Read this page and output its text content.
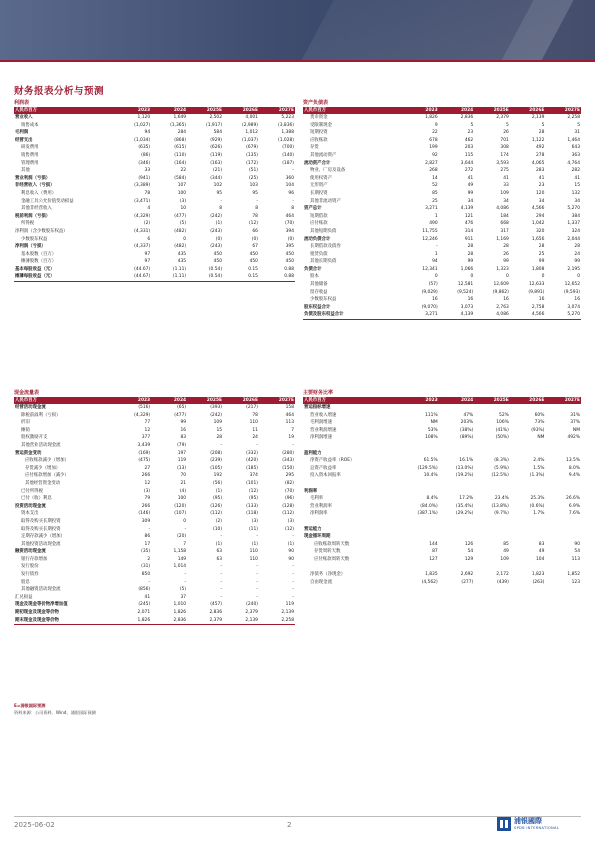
财务报表分析与预测
利润表
人民币百万	2023	2024	2025E	2026E	2027E
营业收入	1,120	1,649	2,502	4,001	5,223
销售成本	(1,027)	(1,365)	(1,917)	(2,989)	(3,836)
毛利润	94	284	584	1,012	1,388
经营支出	(1,034)	(868)	(929)	(1,037)	(1,028)
研发费用	(635)	(615)	(626)	(679)	(700)
销售费用	(86)	(110)	(119)	(135)	(140)
管理费用	(346)	(164)	(163)	(172)	(187)
其他	33	22	(21)	(51)	-
营业利润（亏损）	(941)	(584)	(344)	(25)	360
非经营收入（亏损）	(3,389)	107	102	103	104
利息收入（费用）	78	100	95	95	96
金融工具公允价值变动损益	(3,471)	(3)	-	-	-
其他非经营收入	4	10	8	8	8
税前利润（亏损）	(4,329)	(477)	(242)	78	464
所得税	(2)	(5)	(1)	(12)	(70)
净利润（含少数股东权益）	(4,331)	(482)	(243)	66	394
少数股东权益	6	0	(0)	(0)	(0)
净利润（亏损）	(4,337)	(482)	(243)	67	395
基本股数（百万）	97	435	450	450	450
摊薄股数（百万）	97	435	450	450	450
基本每股收益（元）	(44.67)	(1.11)	(0.54)	0.15	0.88
摊薄每股收益（元）	(44.67)	(1.11)	(0.54)	0.15	0.88
资产负债表
人民币百万	2023	2024	2025E	2026E	2027E
货币资金	1,826	2,836	2,379	2,139	2,258
受限制现金	9	5	5	5	5
短期投资	22	23	26	28	31
应收账款	678	462	701	1,122	1,464
存货	199	203	308	492	643
其他流动资产	92	115	174	278	363
流动资产合计	2,827	3,644	3,593	4,065	4,764
物业、厂房及设备	268	272	275	283	282
使用权资产	14	41	41	41	41
无形资产	52	49	33	23	15
长期投资	85	99	109	120	132
其他非流动资产	25	34	34	34	34
资产总计	3,271	4,139	4,086	4,566	5,270
短期借款	1	121	184	294	384
应付账款	490	476	668	1,042	1,337
其他短期负债	11,755	314	317	320	324
流动负债合计	12,246	911	1,169	1,656	2,044
长期借款及债券	-	28	28	28	28
租赁负债	1	28	26	25	24
其他长期负债	94	99	99	99	99
负债合计	12,341	1,066	1,323	1,808	2,195
股本	0	0	0	0	0
其他储备	(57)	12,581	12,609	12,633	12,652
留存收益	(9,029)	(9,524)	(9,862)	(9,891)	(9,593)
少数股东权益	16	16	16	16	16
股东权益合计	(9,070)	3,073	2,763	2,758	3,074
负债及股东权益合计	3,271	4,139	4,086	4,566	5,270
现金流量表
人民币百万	2023	2024	2025E	2026E	2027E
经营活动现金流	(516)	(65)	(393)	(217)	158
除税前溢利（亏损）	(4,329)	(477)	(242)	78	464
折旧	77	99	109	110	113
摊销	12	16	15	11	7
股权激励开支	377	83	28	24	19
其他营业活动现金流	3,439	(79)	-	-	-
营运资金变动	(169)	197	(208)	(332)	(280)
应收账款减少（增加）	(475)	119	(239)	(420)	(343)
存货减少（增加）	27	(13)	(105)	(185)	(150)
应付账款增加（减少）	266	70	192	374	295
其他经营资金变动	12	21	(56)	(101)	(82)
已付所得税	(3)	(4)	(1)	(12)	(70)
已付（收）利息	79	100	(95)	(95)	(96)
投资活动现金流	266	(120)	(126)	(133)	(128)
资本支出	(146)	(107)	(112)	(118)	(112)
取得及购买长期投资	309	0	(2)	(3)	(3)
取得及购买长期投资	-	-	(10)	(11)	(12)
定期存款减少（增加）	86	(20)	-	-	-
其他投资活动现金流	17	7	(1)	(1)	(1)
融资活动现金流	(35)	1,158	63	110	90
银行存款增加	2	149	63	110	90
发行股份	(31)	1,014	-	-	-
发行债券	850	-	-	-	-
股息	-	-	-	-	-
其他融资活动现金流	(856)	(5)	-	-	-
汇兑损益	41	37	-	-	-
现金及现金等价物净增加值	(245)	1,010	(457)	(240)	119
期初现金及现金等价物	2,071	1,826	2,836	2,379	2,139
期末现金及现金等价物	1,826	2,836	2,379	2,139	2,258
主要财务比率
人民币百万	2023	2024	2025E	2026E	2027E
营运指标增速					
营业收入增速	111%	47%	52%	60%	31%
毛利润增速	NM	203%	106%	73%	37%
营业利润增速	53%	(38%)	(41%)	(93%)	NM
净利润增速	108%	(89%)	(50%)	NM	492%

盈利能力					
净资产收益率（ROE）	61.5%	16.1%	(8.3%)	2.4%	13.5%
总资产收益率	(129.5%)	(13.0%)	(5.9%)	1.5%	8.0%
投入资本回报率	10.4%	(19.2%)	(12.5%)	(1.3%)	9.4%

利润率					
毛利率	8.4%	17.2%	23.4%	25.3%	26.6%
营业利润率	(84.0%)	(35.4%)	(13.8%)	(0.6%)	6.9%
净利润率	(387.1%)	(29.2%)	(9.7%)	1.7%	7.6%

营运能力					
现金循环周期					
应收账款周转天数	144	126	85	83	90
存货周转天数	87	54	49	49	54
应付账款周转天数	127	129	109	104	113

净债务（净现金）	1,835	2,692	2,172	1,823	1,852
自由现金流	(4,562)	(277)	(439)	(263)	123
E=浦银国际预测
资料来源：公司资料、Wind、浦银国际预测
2025-06-02	2	浦银國際
SPDB INTERNATIONAL
